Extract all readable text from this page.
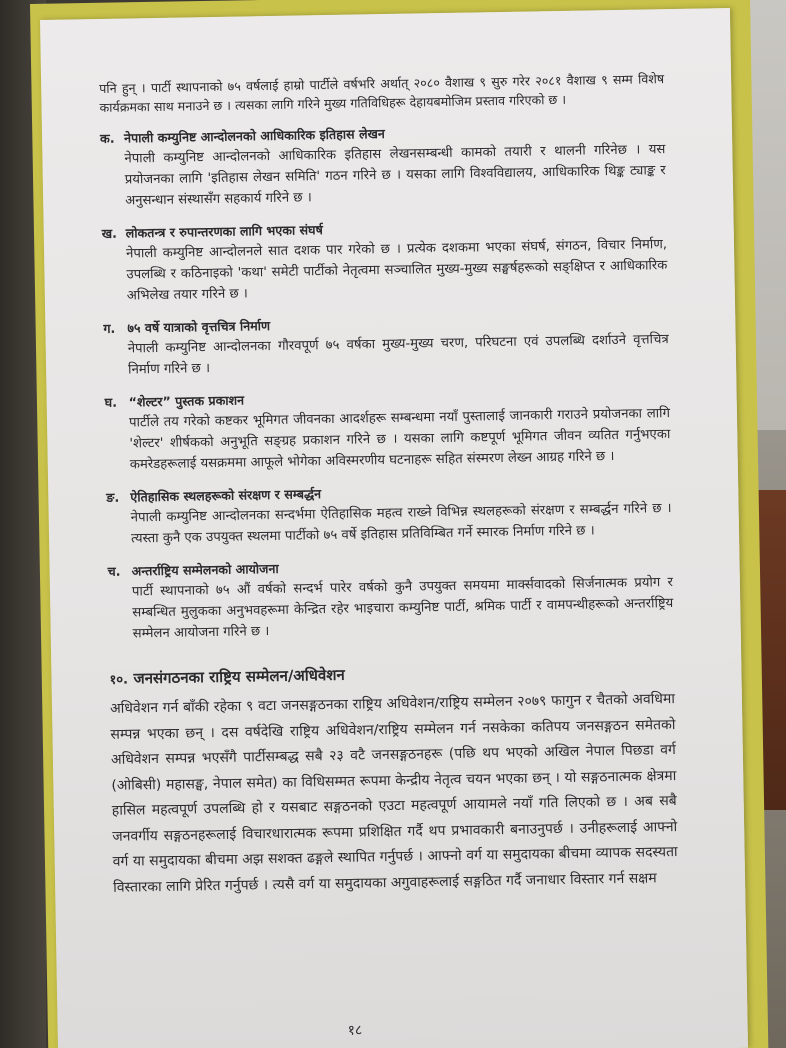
पनि हुन् । पार्टी स्थापनाको ७५ वर्षलाई हाम्रो पार्टीले वर्षभरि अर्थात् २०८० वैशाख ९ सुरु गरेर २०८१ वैशाख ९ सम्म विशेष कार्यक्रमका साथ मनाउने छ । त्यसका लागि गरिने मुख्य गतिविधिहरू देहायबमोजिम प्रस्ताव गरिएको छ ।

क. नेपाली कम्युनिष्ट आन्दोलनको आधिकारिक इतिहास लेखन

नेपाली कम्युनिष्ट आन्दोलनको आधिकारिक इतिहास लेखनसम्बन्धी कामको तयारी र थालनी गरिनेछ । यस प्रयोजनका लागि 'इतिहास लेखन समिति' गठन गरिने छ । यसका लागि विश्वविद्यालय, आधिकारिक थिङ्क ट्याङ्क र अनुसन्धान संस्थासँग सहकार्य गरिने छ ।

ख. लोकतन्त्र र रुपान्तरणका लागि भएका संघर्ष

नेपाली कम्युनिष्ट आन्दोलनले सात दशक पार गरेको छ । प्रत्येक दशकमा भएका संघर्ष, संगठन, विचार निर्माण, उपलब्धि र कठिनाइको 'कथा' समेटी पार्टीको नेतृत्वमा सञ्चालित मुख्य-मुख्य सङ्घर्षहरूको सङ्क्षिप्त र आधिकारिक अभिलेख तयार गरिने छ ।

ग. ७५ वर्षे यात्राको वृत्तचित्र निर्माण

नेपाली कम्युनिष्ट आन्दोलनका गौरवपूर्ण ७५ वर्षका मुख्य-मुख्य चरण, परिघटना एवं उपलब्धि दर्शाउने वृत्तचित्र निर्माण गरिने छ ।

घ. “शेल्टर” पुस्तक प्रकाशन

पार्टीले तय गरेको कष्टकर भूमिगत जीवनका आदर्शहरू सम्बन्धमा नयाँ पुस्तालाई जानकारी गराउने प्रयोजनका लागि 'शेल्टर' शीर्षकको अनुभूति सङ्ग्रह प्रकाशन गरिने छ । यसका लागि कष्टपूर्ण भूमिगत जीवन व्यतित गर्नुभएका कमरेडहरूलाई यसक्रममा आफूले भोगेका अविस्मरणीय घटनाहरू सहित संस्मरण लेख्न आग्रह गरिने छ ।

ङ. ऐतिहासिक स्थलहरूको संरक्षण र सम्बर्द्धन

नेपाली कम्युनिष्ट आन्दोलनका सन्दर्भमा ऐतिहासिक महत्व राख्ने विभिन्न स्थलहरूको संरक्षण र सम्बर्द्धन गरिने छ । त्यस्ता कुनै एक उपयुक्त स्थलमा पार्टीको ७५ वर्षे इतिहास प्रतिविम्बित गर्ने स्मारक निर्माण गरिने छ ।

च. अन्तर्राष्ट्रिय सम्मेलनको आयोजना

पार्टी स्थापनाको ७५ औं वर्षको सन्दर्भ पारेर वर्षको कुनै उपयुक्त समयमा मार्क्सवादको सिर्जनात्मक प्रयोग र सम्बन्धित मुलुकका अनुभवहरूमा केन्द्रित रहेर भाइचारा कम्युनिष्ट पार्टी, श्रमिक पार्टी र वामपन्थीहरूको अन्तर्राष्ट्रिय सम्मेलन आयोजना गरिने छ ।

१०. जनसंगठनका राष्ट्रिय सम्मेलन/अधिवेशन

अधिवेशन गर्न बाँकी रहेका ९ वटा जनसङ्गठनका राष्ट्रिय अधिवेशन/राष्ट्रिय सम्मेलन २०७९ फागुन र चैतको अवधिमा सम्पन्न भएका छन् । दस वर्षदेखि राष्ट्रिय अधिवेशन/राष्ट्रिय सम्मेलन गर्न नसकेका कतिपय जनसङ्गठन समेतको अधिवेशन सम्पन्न भएसँगै पार्टीसम्बद्ध सबै २३ वटै जनसङ्गठनहरू (पछि थप भएको अखिल नेपाल पिछडा वर्ग (ओबिसी) महासङ्घ, नेपाल समेत) का विधिसम्मत रूपमा केन्द्रीय नेतृत्व चयन भएका छन् । यो सङ्गठनात्मक क्षेत्रमा हासिल महत्वपूर्ण उपलब्धि हो र यसबाट सङ्गठनको एउटा महत्वपूर्ण आयामले नयाँ गति लिएको छ । अब सबै जनवर्गीय सङ्गठनहरूलाई विचारधारात्मक रूपमा प्रशिक्षित गर्दै थप प्रभावकारी बनाउनुपर्छ । उनीहरूलाई आफ्नो वर्ग या समुदायका बीचमा अझ सशक्त ढङ्गले स्थापित गर्नुपर्छ । आफ्नो वर्ग या समुदायका बीचमा व्यापक सदस्यता विस्तारका लागि प्रेरित गर्नुपर्छ । त्यसै वर्ग या समुदायका अगुवाहरूलाई सङ्गठित गर्दै जनाधार विस्तार गर्न सक्षम

१८
